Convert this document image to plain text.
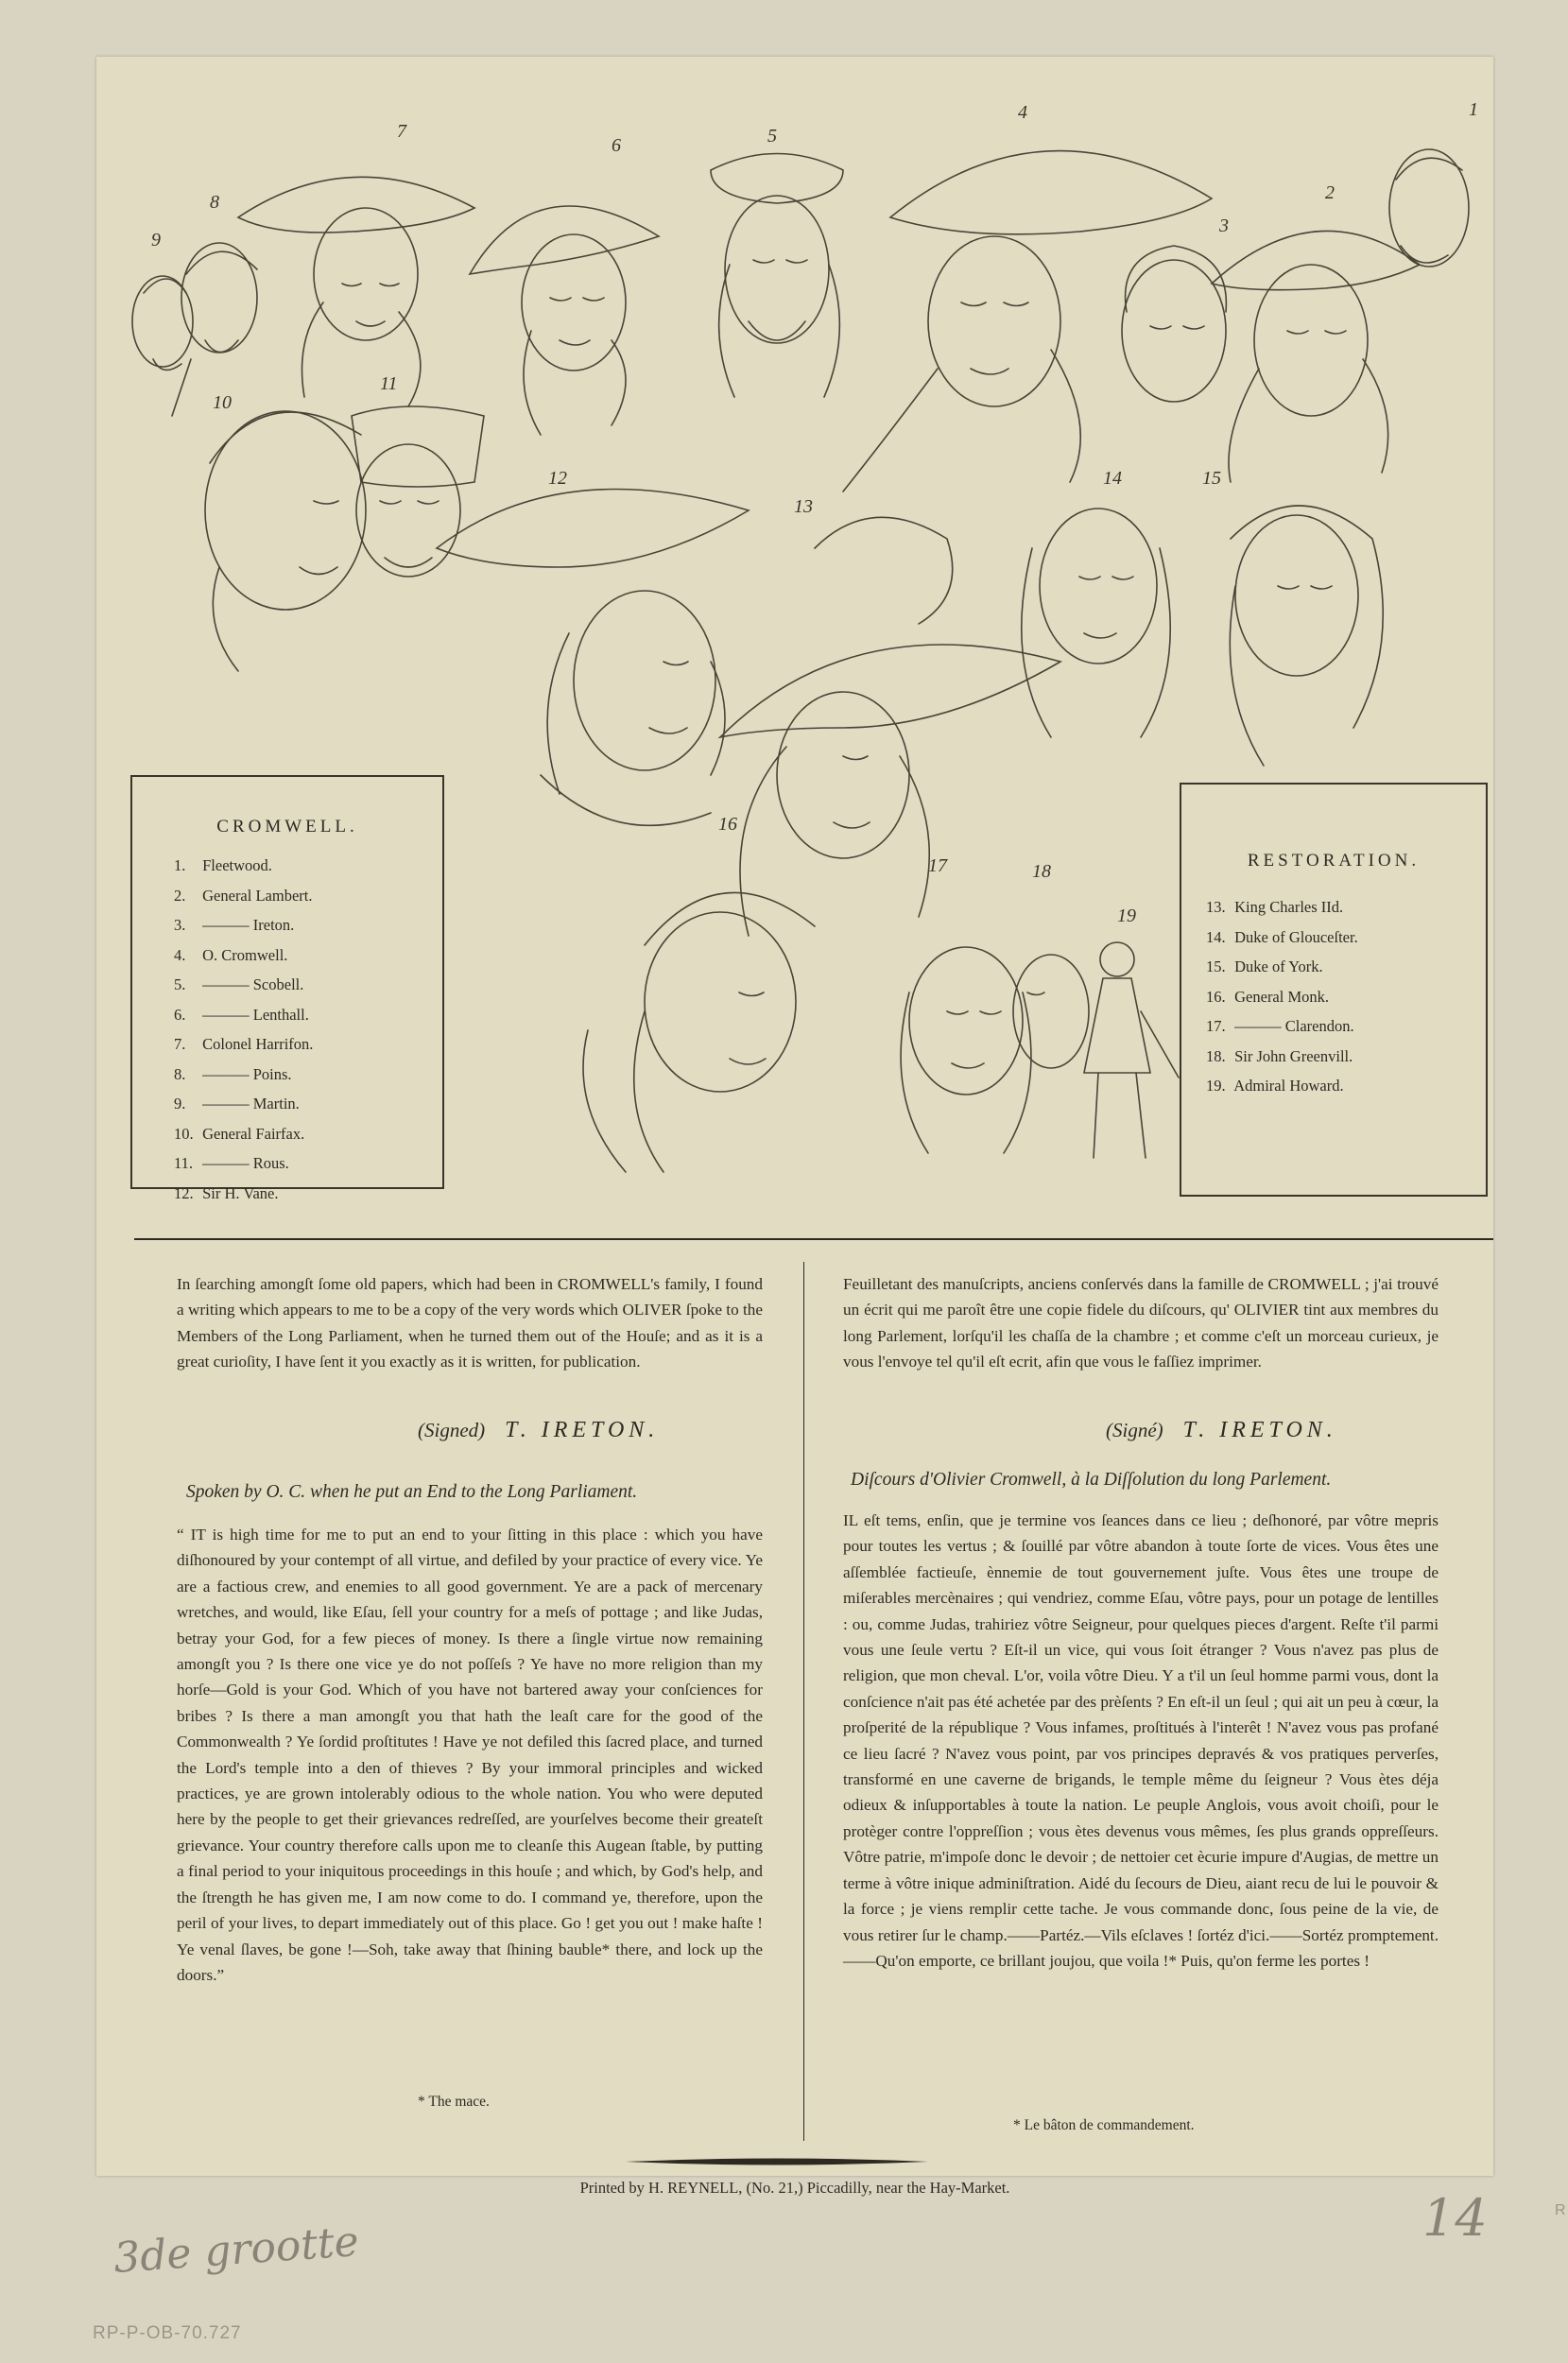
1
2
3
4
5
6
7
8
9
10
11
12
13
14	15
16
17	18
19
CROMWELL.
1. Fleetwood.
2. General Lambert.
3. ——— Ireton.
4. O. Cromwell.
5. ——— Scobell.
6. ——— Lenthall.
7. Colonel Harrifon.
8. ——— Poins.
9. ——— Martin.
10. General Fairfax.
11. ——— Rous.
12. Sir H. Vane.
RESTORATION.
13. King Charles IId.
14. Duke of Glouceſter.
15. Duke of York.
16. General Monk.
17. ——— Clarendon.
18. Sir John Greenvill.
19. Admiral Howard.

In ſearching amongſt ſome old papers, which had been in CROMWELL's family, I found a writing which appears to me to be a copy of the very words which OLIVER ſpoke to the Members of the Long Parliament, when he turned them out of the Houſe; and as it is a great curioſity, I have ſent it you exactly as it is written, for publication.

(Signed) T. IRETON.
Spoken by O. C. when he put an End to the Long Parliament.

“ IT is high time for me to put an end to your ſitting in this place : which you have diſhonoured by your contempt of all virtue, and defiled by your practice of every vice. Ye are a factious crew, and enemies to all good government. Ye are a pack of mercenary wretches, and would, like Eſau, ſell your country for a meſs of pottage ; and like Judas, betray your God, for a few pieces of money. Is there a ſingle virtue now remaining amongſt you ? Is there one vice ye do not poſſeſs ? Ye have no more religion than my horſe—Gold is your God. Which of you have not bartered away your conſciences for bribes ? Is there a man amongſt you that hath the leaſt care for the good of the Commonwealth ? Ye ſordid proſtitutes ! Have ye not defiled this ſacred place, and turned the Lord's temple into a den of thieves ? By your immoral principles and wicked practices, ye are grown intolerably odious to the whole nation. You who were deputed here by the people to get their grievances redreſſed, are yourſelves become their greateſt grievance. Your country therefore calls upon me to cleanſe this Augean ſtable, by putting a final period to your iniquitous proceedings in this houſe ; and which, by God's help, and the ſtrength he has given me, I am now come to do. I command ye, therefore, upon the peril of your lives, to depart immediately out of this place. Go ! get you out ! make haſte ! Ye venal ſlaves, be gone !—Soh, take away that ſhining bauble* there, and lock up the doors.”

* The mace.

Feuilletant des manuſcripts, anciens conſervés dans la famille de CROMWELL ; j'ai trouvé un écrit qui me paroît être une copie fidele du diſcours, qu' OLIVIER tint aux membres du long Parlement, lorſqu'il les chaſſa de la chambre ; et comme c'eſt un morceau curieux, je vous l'envoye tel qu'il eſt ecrit, afin que vous le faſſiez imprimer.

(Signé) T. IRETON.
Diſcours d'Olivier Cromwell, à la Diſſolution du long Parlement.

IL eſt tems, enſin, que je termine vos ſeances dans ce lieu ; deſhonoré, par vôtre mepris pour toutes les vertus ; & ſouillé par vôtre abandon à toute ſorte de vices. Vous êtes une aſſemblée factieuſe, ènnemie de tout gouvernement juſte. Vous êtes une troupe de miſerables mercènaires ; qui vendriez, comme Eſau, vôtre pays, pour un potage de lentilles : ou, comme Judas, trahiriez vôtre Seigneur, pour quelques pieces d'argent. Reſte t'il parmi vous une ſeule vertu ? Eſt-il un vice, qui vous ſoit étranger ? Vous n'avez pas plus de religion, que mon cheval. L'or, voila vôtre Dieu. Y a t'il un ſeul homme parmi vous, dont la conſcience n'ait pas été achetée par des prèſents ? En eſt-il un ſeul ; qui ait un peu à cœur, la proſperité de la république ? Vous infames, proſtitués à l'interêt ! N'avez vous pas profané ce lieu ſacré ? N'avez vous point, par vos principes depravés & vos pratiques perverſes, transformé en une caverne de brigands, le temple même du ſeigneur ? Vous ètes déja odieux & inſupportables à toute la nation. Le peuple Anglois, vous avoit choiſi, pour le protèger contre l'oppreſſion ; vous ètes devenus vous mêmes, ſes plus grands oppreſſeurs. Vôtre patrie, m'impoſe donc le devoir ; de nettoier cet ècurie impure d'Augias, de mettre un terme à vôtre inique adminiſtration. Aidé du ſecours de Dieu, aiant recu de lui le pouvoir & la force ; je viens remplir cette tache. Je vous commande donc, ſous peine de la vie, de vous retirer ſur le champ.——Partéz.—Vils eſclaves ! ſortéz d'ici.——Sortéz promptement.——Qu'on emporte, ce brillant joujou, que voila !* Puis, qu'on ferme les portes !

* Le bâton de commandement.
Printed by H. REYNELL, (No. 21,) Piccadilly, near the Hay-Market.
3de grootte	14
RP-P-OB-70.727
R
